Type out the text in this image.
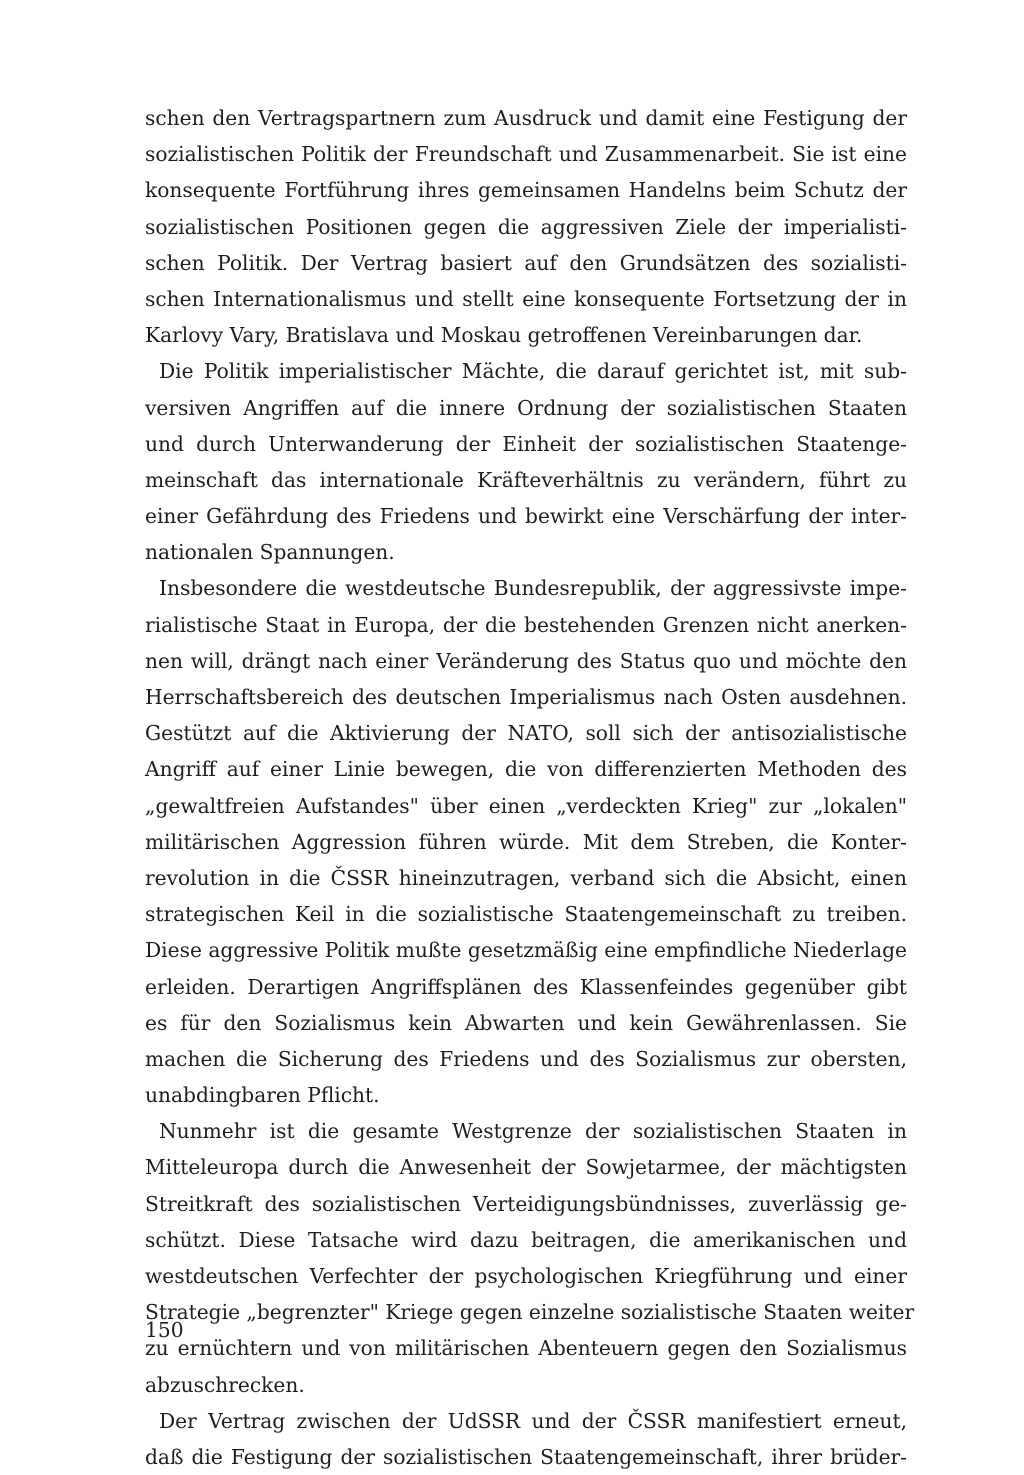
schen den Vertragspartnern zum Ausdruck und damit eine Festigung der
sozialistischen Politik der Freundschaft und Zusammenarbeit. Sie ist eine
konsequente Fortführung ihres gemeinsamen Handelns beim Schutz der
sozialistischen Positionen gegen die aggressiven Ziele der imperialisti-
schen Politik. Der Vertrag basiert auf den Grundsätzen des sozialisti-
schen Internationalismus und stellt eine konsequente Fortsetzung der in
Karlovy Vary, Bratislava und Moskau getroffenen Vereinbarungen dar.
Die Politik imperialistischer Mächte, die darauf gerichtet ist, mit sub-
versiven Angriffen auf die innere Ordnung der sozialistischen Staaten
und durch Unterwanderung der Einheit der sozialistischen Staatenge-
meinschaft das internationale Kräfteverhältnis zu verändern, führt zu
einer Gefährdung des Friedens und bewirkt eine Verschärfung der inter-
nationalen Spannungen.
Insbesondere die westdeutsche Bundesrepublik, der aggressivste impe-
rialistische Staat in Europa, der die bestehenden Grenzen nicht anerken-
nen will, drängt nach einer Veränderung des Status quo und möchte den
Herrschaftsbereich des deutschen Imperialismus nach Osten ausdehnen.
Gestützt auf die Aktivierung der NATO, soll sich der antisozialistische
Angriff auf einer Linie bewegen, die von differenzierten Methoden des
„gewaltfreien Aufstandes" über einen „verdeckten Krieg" zur „lokalen"
militärischen Aggression führen würde. Mit dem Streben, die Konter-
revolution in die ČSSR hineinzutragen, verband sich die Absicht, einen
strategischen Keil in die sozialistische Staatengemeinschaft zu treiben.
Diese aggressive Politik mußte gesetzmäßig eine empfindliche Niederlage
erleiden. Derartigen Angriffsplänen des Klassenfeindes gegenüber gibt
es für den Sozialismus kein Abwarten und kein Gewährenlassen. Sie
machen die Sicherung des Friedens und des Sozialismus zur obersten,
unabdingbaren Pflicht.
Nunmehr ist die gesamte Westgrenze der sozialistischen Staaten in
Mitteleuropa durch die Anwesenheit der Sowjetarmee, der mächtigsten
Streitkraft des sozialistischen Verteidigungsbündnisses, zuverlässig ge-
schützt. Diese Tatsache wird dazu beitragen, die amerikanischen und
westdeutschen Verfechter der psychologischen Kriegführung und einer
Strategie „begrenzter" Kriege gegen einzelne sozialistische Staaten weiter
zu ernüchtern und von militärischen Abenteuern gegen den Sozialismus
abzuschrecken.
Der Vertrag zwischen der UdSSR und der ČSSR manifestiert erneut,
daß die Festigung der sozialistischen Staatengemeinschaft, ihrer brüder-
150
